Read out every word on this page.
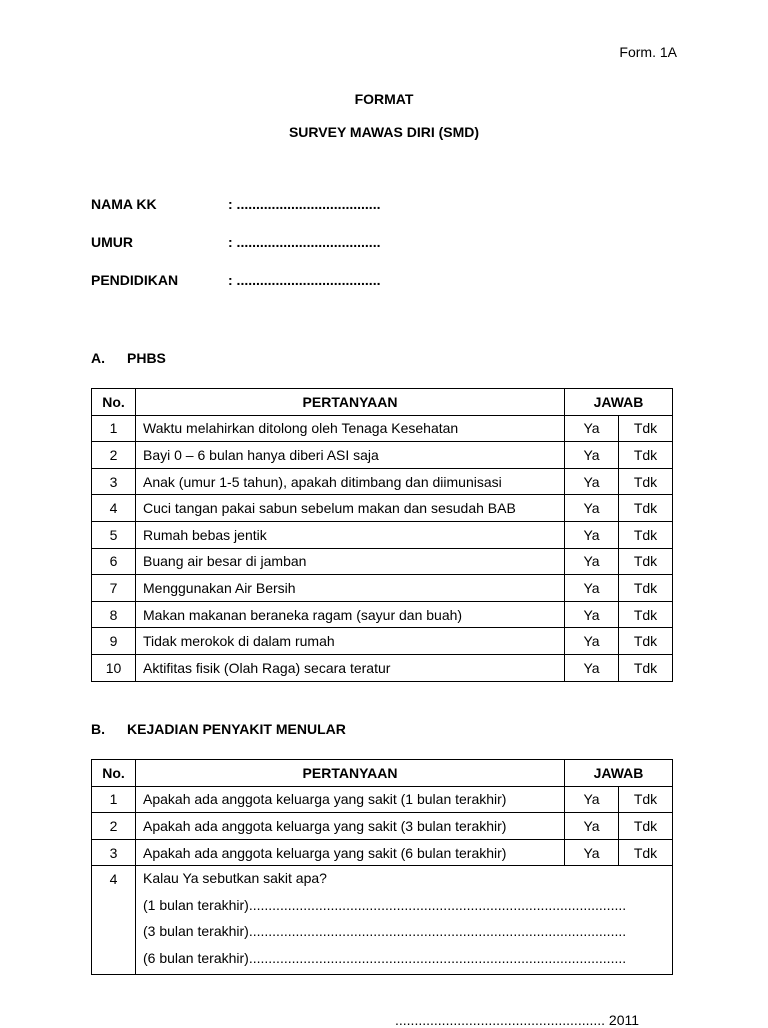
Form. 1A
FORMAT
SURVEY MAWAS DIRI (SMD)
NAMA KK	: .....................................
UMUR	: .....................................
PENDIDIKAN	: .....................................
A. PHBS
No.	PERTANYAAN	JAWAB	
1	Waktu melahirkan ditolong oleh Tenaga Kesehatan	Ya	Tdk
2	Bayi 0 – 6 bulan hanya diberi ASI saja	Ya	Tdk
3	Anak (umur 1-5 tahun), apakah ditimbang dan diimunisasi	Ya	Tdk
4	Cuci tangan pakai sabun sebelum makan dan sesudah BAB	Ya	Tdk
5	Rumah bebas jentik	Ya	Tdk
6	Buang air besar di jamban	Ya	Tdk
7	Menggunakan Air Bersih	Ya	Tdk
8	Makan makanan beraneka ragam (sayur dan buah)	Ya	Tdk
9	Tidak merokok di dalam rumah	Ya	Tdk
10	Aktifitas fisik (Olah Raga) secara teratur	Ya	Tdk
B. KEJADIAN PENYAKIT MENULAR
No.	PERTANYAAN	JAWAB	
1	Apakah ada anggota keluarga yang sakit (1 bulan terakhir)	Ya	Tdk
2	Apakah ada anggota keluarga yang sakit (3 bulan terakhir)	Ya	Tdk
3	Apakah ada anggota keluarga yang sakit (6 bulan terakhir)	Ya	Tdk
4	Kalau Ya sebutkan sakit apa?
(1 bulan terakhir).................................................................................................
(3 bulan terakhir).................................................................................................
(6 bulan terakhir).................................................................................................		
...................................................... 2011
